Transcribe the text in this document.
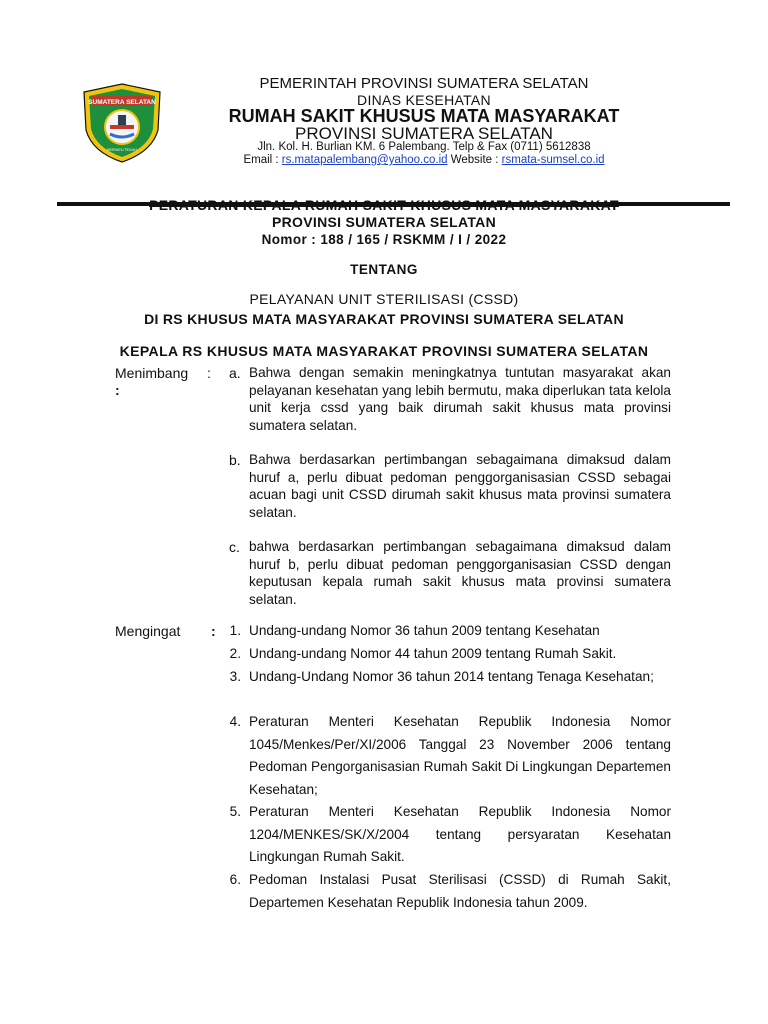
SUMATERA SELATAN
BERSATU TEGUH
PEMERINTAH PROVINSI SUMATERA SELATAN
DINAS KESEHATAN
RUMAH SAKIT KHUSUS MATA MASYARAKAT
PROVINSI SUMATERA SELATAN
Jln. Kol. H. Burlian KM. 6 Palembang. Telp & Fax (0711) 5612838
Email : rs.matapalembang@yahoo.co.id Website : rsmata-sumsel.co.id
PROVINSI SUMATERA SELATAN
Nomor : 188 / 165 / RSKMM / I / 2022
TENTANG
PELAYANAN UNIT STERILISASI (CSSD)
DI RS KHUSUS MATA MASYARAKAT PROVINSI SUMATERA SELATAN
KEPALA RS KHUSUS MATA MASYARAKAT PROVINSI SUMATERA SELATAN
Menimbang :
:
a. Bahwa dengan semakin meningkatnya tuntutan masyarakat akan pelayanan kesehatan yang lebih bermutu, maka diperlukan tata kelola unit kerja cssd yang baik dirumah sakit khusus mata provinsi sumatera selatan.
b. Bahwa berdasarkan pertimbangan sebagaimana dimaksud dalam huruf a, perlu dibuat pedoman penggorganisasian CSSD sebagai acuan bagi unit CSSD dirumah sakit khusus mata provinsi sumatera selatan.
c. bahwa berdasarkan pertimbangan sebagaimana dimaksud dalam huruf b, perlu dibuat pedoman penggorganisasian CSSD dengan keputusan kepala rumah sakit khusus mata provinsi sumatera selatan.
Mengingat :	1. Undang-undang Nomor 36 tahun 2009 tentang Kesehatan
2. Undang-undang Nomor 44 tahun 2009 tentang Rumah Sakit.
3. Undang-Undang Nomor 36 tahun 2014 tentang Tenaga Kesehatan;
4. Peraturan Menteri Kesehatan Republik Indonesia Nomor 1045/Menkes/Per/XI/2006 Tanggal 23 November 2006 tentang Pedoman Pengorganisasian Rumah Sakit Di Lingkungan Departemen Kesehatan;
5. Peraturan Menteri Kesehatan Republik Indonesia Nomor 1204/MENKES/SK/X/2004 tentang persyaratan Kesehatan Lingkungan Rumah Sakit.
6. Pedoman Instalasi Pusat Sterilisasi (CSSD) di Rumah Sakit, Departemen Kesehatan Republik Indonesia tahun 2009.
